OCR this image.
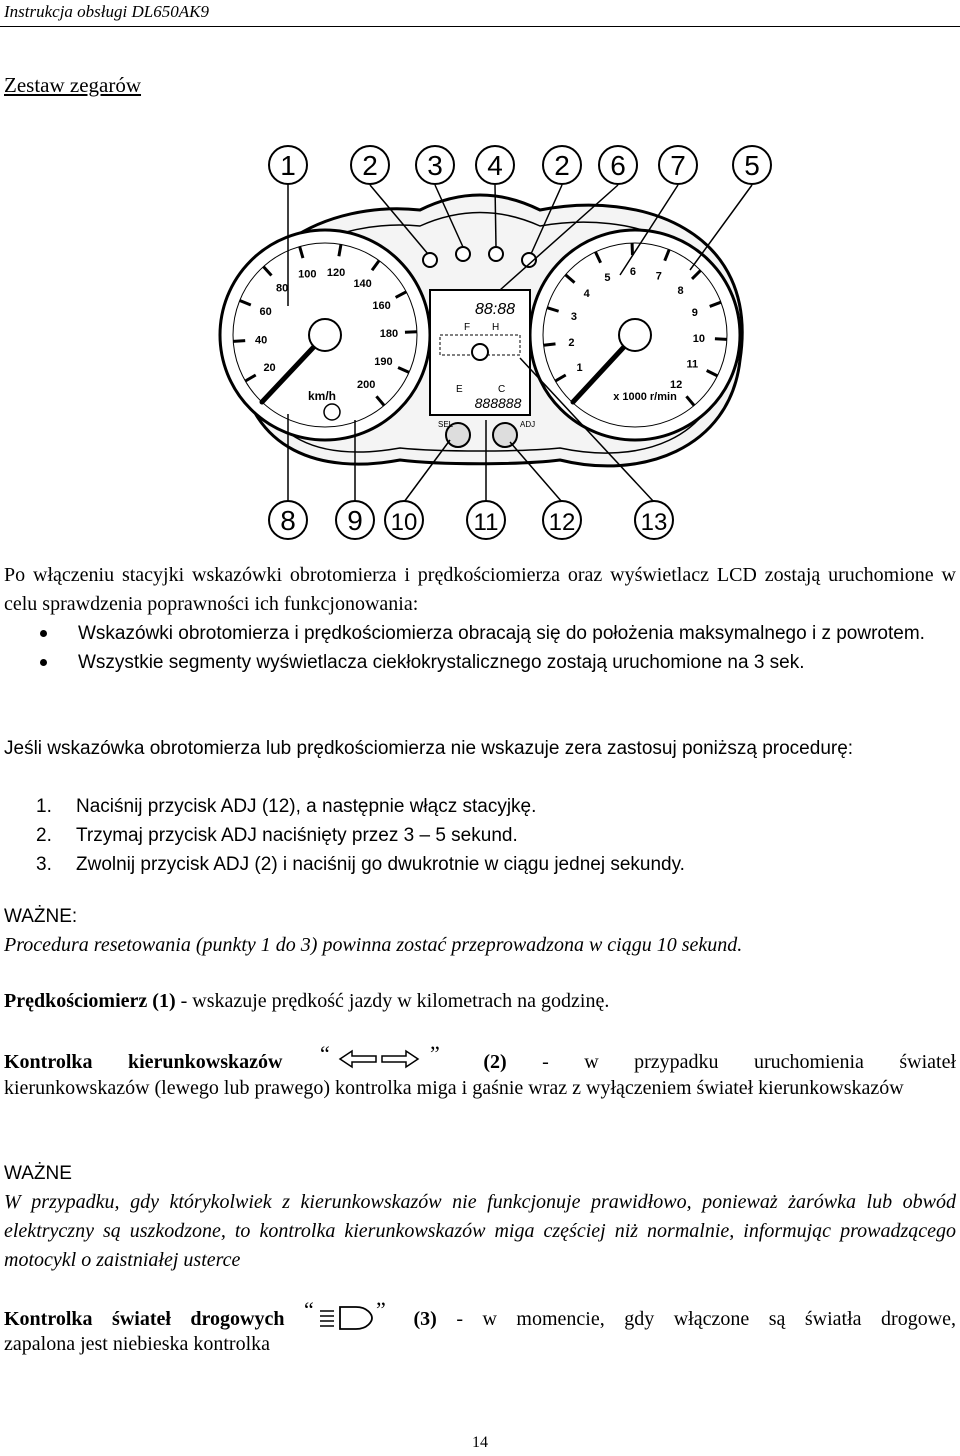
Instrukcja obsługi DL650AK9
Zestaw zegarów
20
40
60
80
100 120
140
160
180
190
200
km/h
1
2
3
4
5
6 7
8
9
10
11
12
x 1000 r/min
88:88
F H
E	C
888888
SEL	ADJ
1 2 3 4 2 6 7 5
8 9 10 11 12	13
Po włączeniu stacyjki wskazówki obrotomierza i prędkościomierza oraz wyświetlacz LCD zostają uruchomione w celu sprawdzenia poprawności ich funkcjonowania:
Wskazówki obrotomierza i prędkościomierza obracają się do położenia maksymalnego i z powrotem.
Wszystkie segmenty wyświetlacza ciekłokrystalicznego zostają uruchomione na 3 sek.
Jeśli wskazówka obrotomierza lub prędkościomierza nie wskazuje zera zastosuj poniższą procedurę:
1. Naciśnij przycisk ADJ (12), a następnie włącz stacyjkę.
2. Trzymaj przycisk ADJ naciśnięty przez 3 – 5 sekund.
3. Zwolnij przycisk ADJ (2) i naciśnij go dwukrotnie w ciągu jednej sekundy.
WAŻNE:
Procedura resetowania (punkty 1 do 3) powinna zostać przeprowadzona w ciągu 10 sekund.
Prędkościomierz (1) - wskazuje prędkość jazdy w kilometrach na godzinę.
Kontrolka kierunkowskazów “	” (2) - w przypadku uruchomienia świateł
kierunkowskazów (lewego lub prawego) kontrolka miga i gaśnie wraz z wyłączeniem świateł kierunkowskazów
WAŻNE
W przypadku, gdy którykolwiek z kierunkowskazów nie funkcjonuje prawidłowo, ponieważ żarówka lub obwód elektryczny są uszkodzone, to kontrolka kierunkowskazów miga częściej niż normalnie, informując prowadzącego motocykl o zaistniałej usterce
Kontrolka świateł drogowych “	” (3) - w momencie, gdy włączone są światła drogowe,
zapalona jest niebieska kontrolka
14
